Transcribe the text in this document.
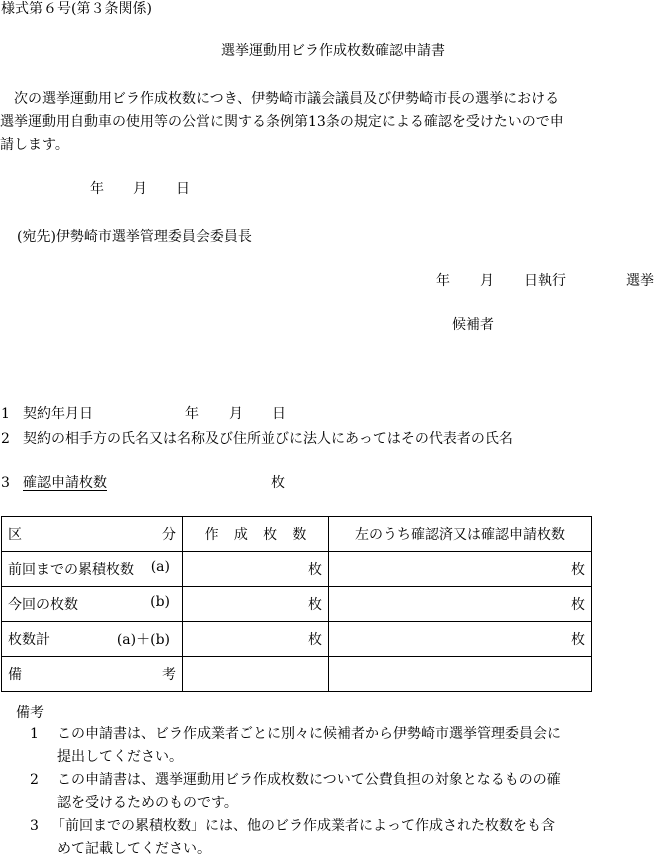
様式第６号(第３条関係)
選挙運動用ビラ作成枚数確認申請書

　次の選挙運動用ビラ作成枚数につき、伊勢崎市議会議員及び伊勢崎市長の選挙における

選挙運動用自動車の使用等の公営に関する条例第13条の規定による確認を受けたいので申

請します。

年 月 日
(宛先)伊勢崎市選挙管理委員会委員長
年 月 日執行	選挙
候補者
1 契約年月日	年 月 日
2 契約の相手方の氏名又は名称及び住所並びに法人にあってはその代表者の氏名
3 確認申請枚数	枚
区 分	作 成 枚 数	左のうち確認済又は確認申請枚数

前回までの累積枚数 (a)	枚	枚

今回の枚数 (b)	枚	枚

枚数計 (a)＋(b)	枚	枚

備 考		

備考
1 この申請書は、ビラ作成業者ごとに別々に候補者から伊勢崎市選挙管理委員会に
提出してください。
2 この申請書は、選挙運動用ビラ作成枚数について公費負担の対象となるものの確
認を受けるためのものです。
3 「前回までの累積枚数」には、他のビラ作成業者によって作成された枚数をも含
めて記載してください。
